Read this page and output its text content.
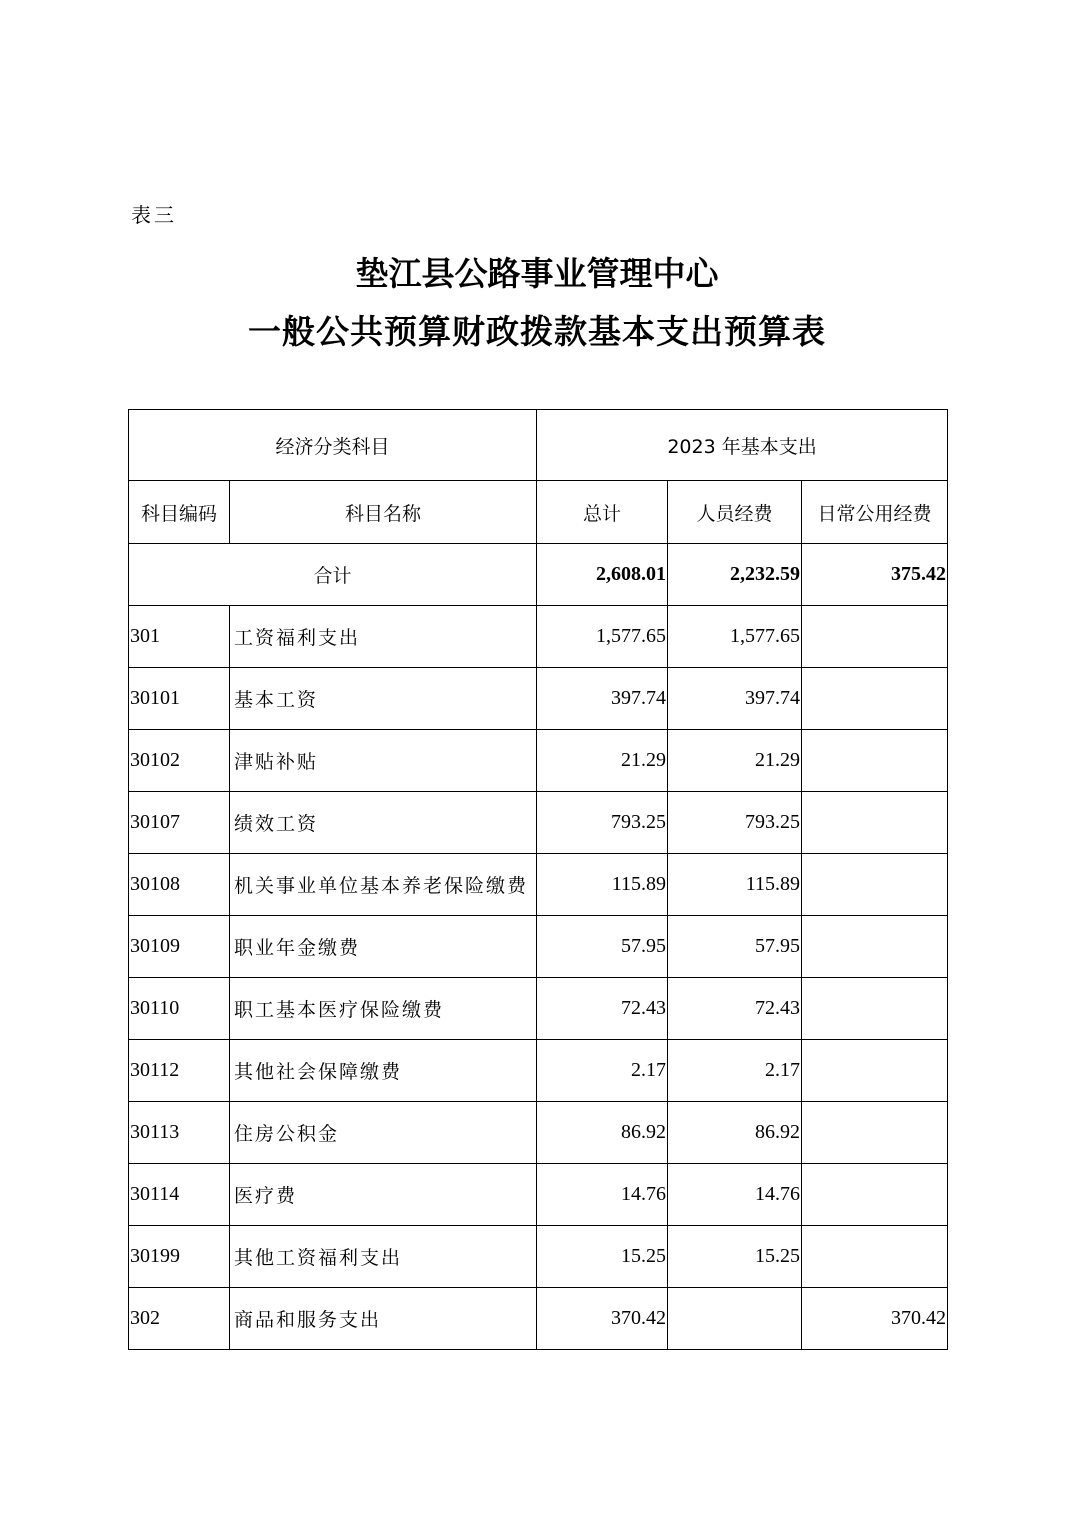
表三
垫江县公路事业管理中心
一般公共预算财政拨款基本支出预算表
经济分类科目		2023 年基本支出		
科目编码	科目名称	总计	人员经费	日常公用经费
合计		2,608.01	2,232.59	375.42
301	工资福利支出	1,577.65	1,577.65	
30101	基本工资	397.74	397.74	
30102	津贴补贴	21.29	21.29	
30107	绩效工资	793.25	793.25	
30108	机关事业单位基本养老保险缴费	115.89	115.89	
30109	职业年金缴费	57.95	57.95	
30110	职工基本医疗保险缴费	72.43	72.43	
30112	其他社会保障缴费	2.17	2.17	
30113	住房公积金	86.92	86.92	
30114	医疗费	14.76	14.76	
30199	其他工资福利支出	15.25	15.25	
302	商品和服务支出	370.42		370.42
